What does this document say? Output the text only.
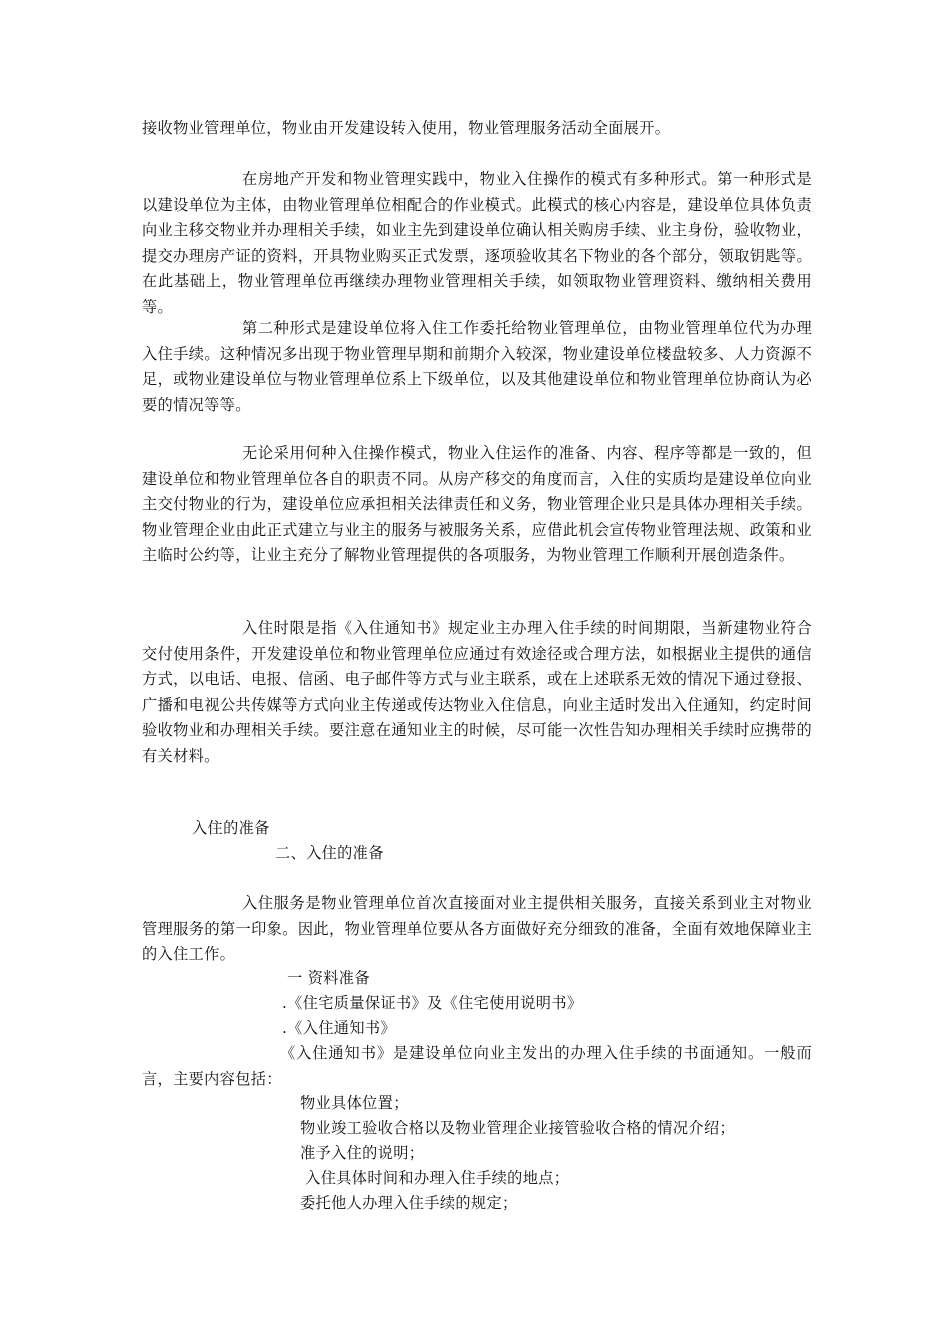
接收物业管理单位，物业由开发建设转入使用，物业管理服务活动全面展开。

在房地产开发和物业管理实践中，物业入住操作的模式有多种形式。第一种形式是以建设单位为主体，由物业管理单位相配合的作业模式。此模式的核心内容是，建设单位具体负责向业主移交物业并办理相关手续，如业主先到建设单位确认相关购房手续、业主身份，验收物业，提交办理房产证的资料，开具物业购买正式发票，逐项验收其名下物业的各个部分，领取钥匙等。在此基础上，物业管理单位再继续办理物业管理相关手续，如领取物业管理资料、缴纳相关费用等。

第二种形式是建设单位将入住工作委托给物业管理单位，由物业管理单位代为办理入住手续。这种情况多出现于物业管理早期和前期介入较深，物业建设单位楼盘较多、人力资源不足，或物业建设单位与物业管理单位系上下级单位，以及其他建设单位和物业管理单位协商认为必要的情况等等。

无论采用何种入住操作模式，物业入住运作的准备、内容、程序等都是一致的，但建设单位和物业管理单位各自的职责不同。从房产移交的角度而言，入住的实质均是建设单位向业主交付物业的行为，建设单位应承担相关法律责任和义务，物业管理企业只是具体办理相关手续。物业管理企业由此正式建立与业主的服务与被服务关系，应借此机会宣传物业管理法规、政策和业主临时公约等，让业主充分了解物业管理提供的各项服务，为物业管理工作顺利开展创造条件。

入住时限是指《入住通知书》规定业主办理入住手续的时间期限，当新建物业符合交付使用条件，开发建设单位和物业管理单位应通过有效途径或合理方法，如根据业主提供的通信方式，以电话、电报、信函、电子邮件等方式与业主联系，或在上述联系无效的情况下通过登报、广播和电视公共传媒等方式向业主传递或传达物业入住信息，向业主适时发出入住通知，约定时间验收物业和办理相关手续。要注意在通知业主的时候，尽可能一次性告知办理相关手续时应携带的有关材料。

入住的准备
二、入住的准备

入住服务是物业管理单位首次直接面对业主提供相关服务，直接关系到业主对物业管理服务的第一印象。因此，物业管理单位要从各方面做好充分细致的准备，全面有效地保障业主的入住工作。

一 资料准备
.《住宅质量保证书》及《住宅使用说明书》
.《入住通知书》

《入住通知书》是建设单位向业主发出的办理入住手续的书面通知。一般而言，主要内容包括：

物业具体位置；
物业竣工验收合格以及物业管理企业接管验收合格的情况介绍；
准予入住的说明；
入住具体时间和办理入住手续的地点；
委托他人办理入住手续的规定；
